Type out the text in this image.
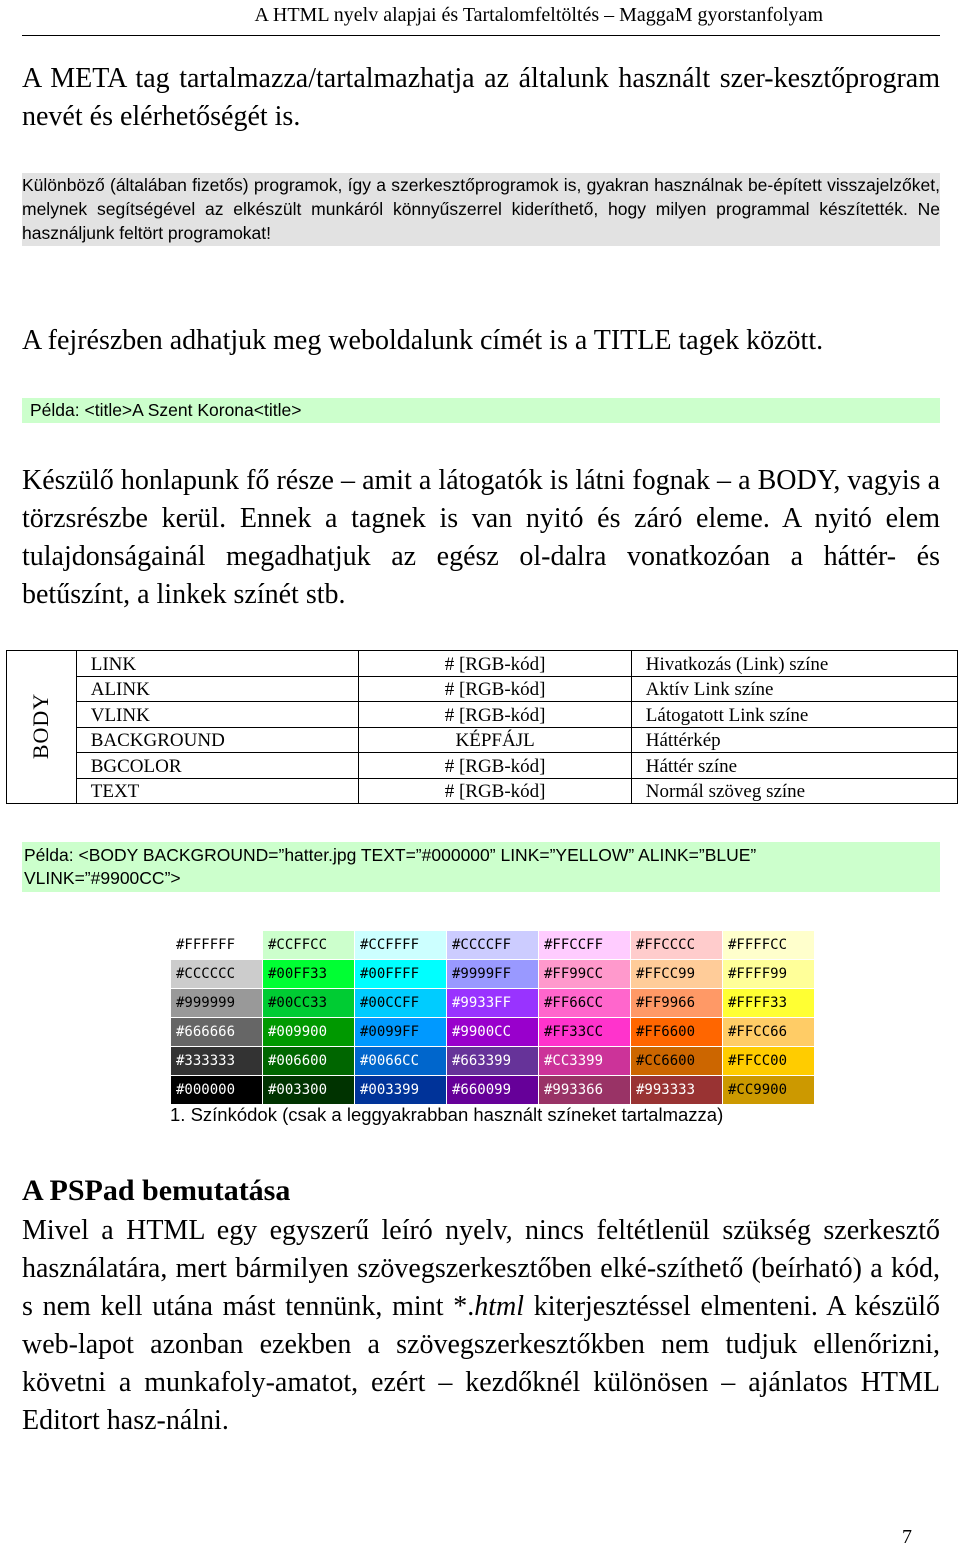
A HTML nyelv alapjai és Tartalomfeltöltés – MaggaM gyorstanfolyam
A META tag tartalmazza/tartalmazhatja az általunk használt szer-kesztőprogram nevét és elérhetőségét is.

Különböző (általában fizetős) programok, így a szerkesztőprogramok is, gyakran használnak be-épített visszajelzőket, melynek segítségével az elkészült munkáról könnyűszerrel kideríthető, hogy milyen programmal készítették. Ne használjunk feltört programokat!

A fejrészben adhatjuk meg weboldalunk címét is a TITLE tagek között.
Példa: <title>A Szent Korona<title>
Készülő honlapunk fő része – amit a látogatók is látni fognak – a BODY, vagyis a törzsrészbe kerül. Ennek a tagnek is van nyitó és záró eleme. A nyitó elem tulajdonságainál megadhatjuk az egész ol-dalra vonatkozóan a háttér- és betűszínt, a linkek színét stb.
BODY	LINK	# [RGB-kód]	Hivatkozás (Link) színe
	ALINK	# [RGB-kód]	Aktív Link színe
	VLINK	# [RGB-kód]	Látogatott Link színe
	BACKGROUND	KÉPFÁJL	Háttérkép
	BGCOLOR	# [RGB-kód]	Háttér színe
	TEXT	# [RGB-kód]	Normál szöveg színe
Példa: <BODY BACKGROUND=”hatter.jpg TEXT=”#000000” LINK=”YELLOW” ALINK=”BLUE”
VLINK=”#9900CC”>
#FFFFFF	#CCFFCC	#CCFFFF	#CCCCFF	#FFCCFF	#FFCCCC	#FFFFCC
#CCCCCC	#00FF33	#00FFFF	#9999FF	#FF99CC	#FFCC99	#FFFF99
#999999	#00CC33	#00CCFF	#9933FF	#FF66CC	#FF9966	#FFFF33
#666666	#009900	#0099FF	#9900CC	#FF33CC	#FF6600	#FFCC66
#333333	#006600	#0066CC	#663399	#CC3399	#CC6600	#FFCC00
#000000	#003300	#003399	#660099	#993366	#993333	#CC9900
1. Színkódok (csak a leggyakrabban használt színeket tartalmazza)
A PSPad bemutatása
Mivel a HTML egy egyszerű leíró nyelv, nincs feltétlenül szükség szerkesztő használatára, mert bármilyen szövegszerkesztőben elké-szíthető (beírható) a kód, s nem kell utána mást tennünk, mint *.html kiterjesztéssel elmenteni. A készülő web-lapot azonban ezekben a szövegszerkesztőkben nem tudjuk ellenőrizni, követni a munkafoly-amatot, ezért – kezdőknél különösen – ajánlatos HTML Editort hasz-nálni.
7
